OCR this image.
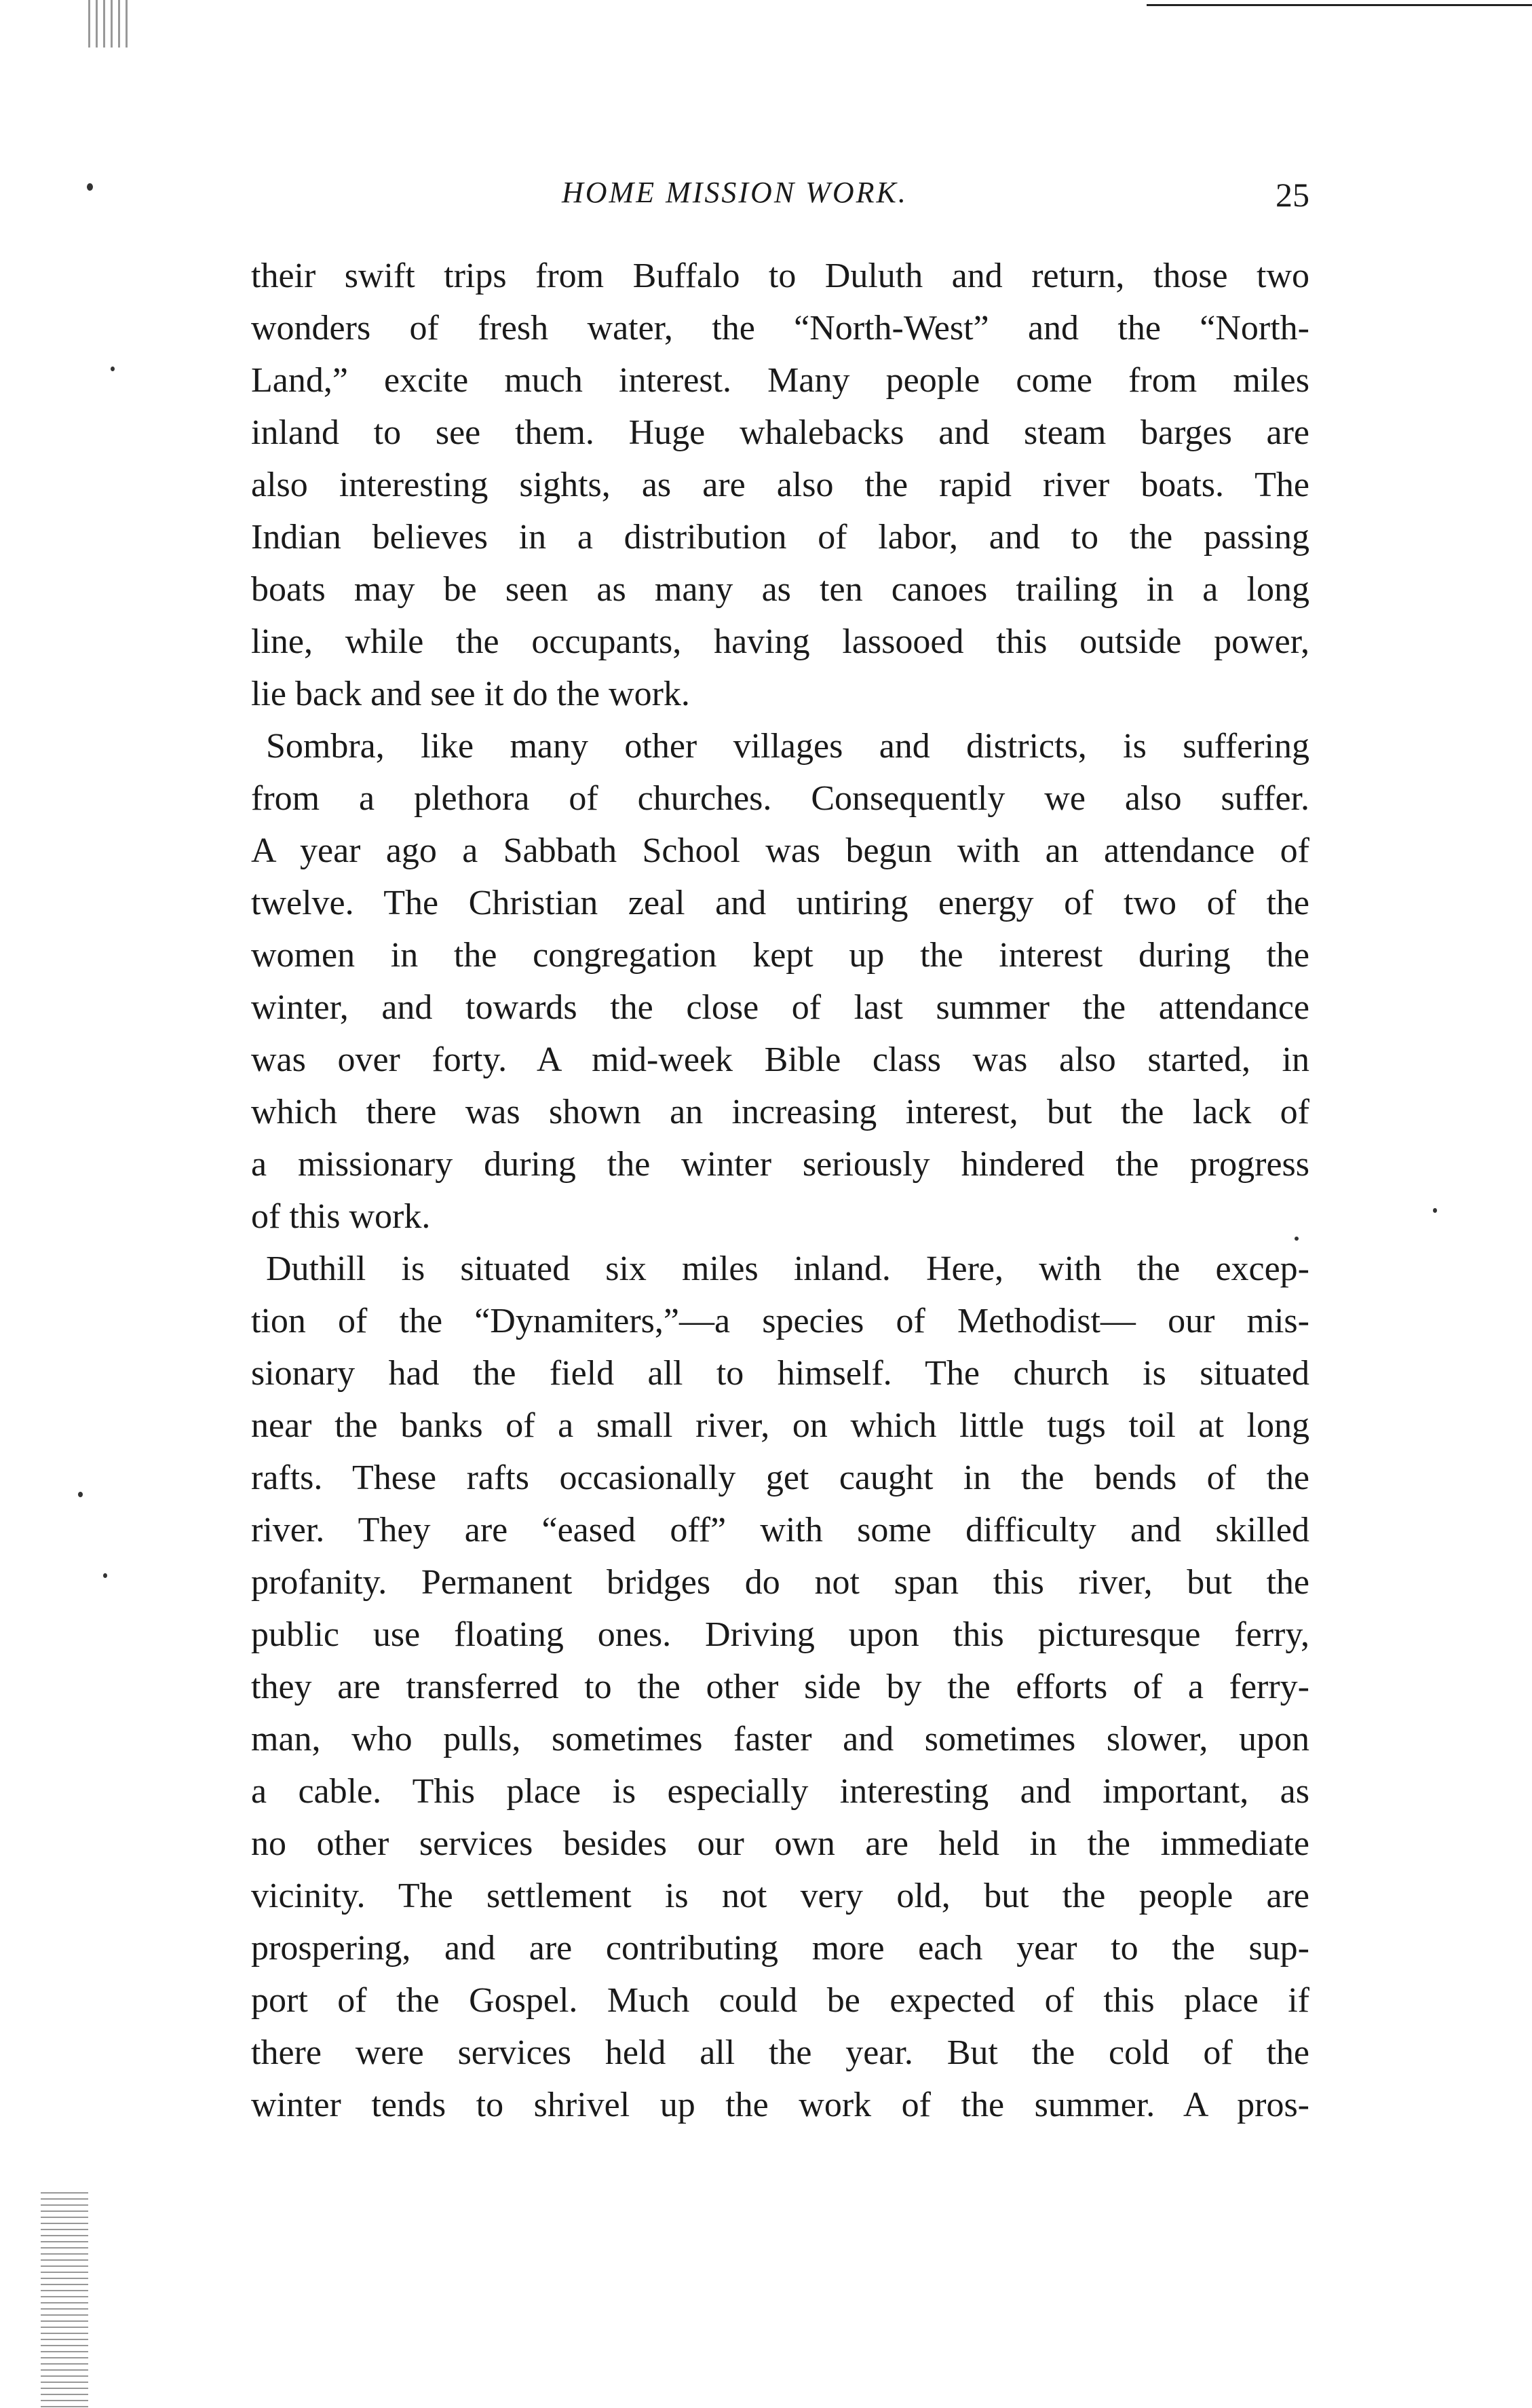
HOME MISSION WORK.	25
their swift trips from Buffalo to Duluth and return, those two
wonders of fresh water, the “North-West” and the “North-
Land,” excite much interest. Many people come from miles
inland to see them. Huge whalebacks and steam barges are
also interesting sights, as are also the rapid river boats. The
Indian believes in a distribution of labor, and to the passing
boats may be seen as many as ten canoes trailing in a long
line, while the occupants, having lassooed this outside power,
lie back and see it do the work.
Sombra, like many other villages and districts, is suffering
from a plethora of churches. Consequently we also suffer.
A year ago a Sabbath School was begun with an attendance of
twelve. The Christian zeal and untiring energy of two of the
women in the congregation kept up the interest during the
winter, and towards the close of last summer the attendance
was over forty. A mid-week Bible class was also started, in
which there was shown an increasing interest, but the lack of
a missionary during the winter seriously hindered the progress
of this work.
Duthill is situated six miles inland. Here, with the excep-
tion of the “Dynamiters,”—a species of Methodist— our mis-
sionary had the field all to himself. The church is situated
near the banks of a small river, on which little tugs toil at long
rafts. These rafts occasionally get caught in the bends of the
river. They are “eased off” with some difficulty and skilled
profanity. Permanent bridges do not span this river, but the
public use floating ones. Driving upon this picturesque ferry,
they are transferred to the other side by the efforts of a ferry-
man, who pulls, sometimes faster and sometimes slower, upon
a cable. This place is especially interesting and important, as
no other services besides our own are held in the immediate
vicinity. The settlement is not very old, but the people are
prospering, and are contributing more each year to the sup-
port of the Gospel. Much could be expected of this place if
there were services held all the year. But the cold of the
winter tends to shrivel up the work of the summer. A pros-
